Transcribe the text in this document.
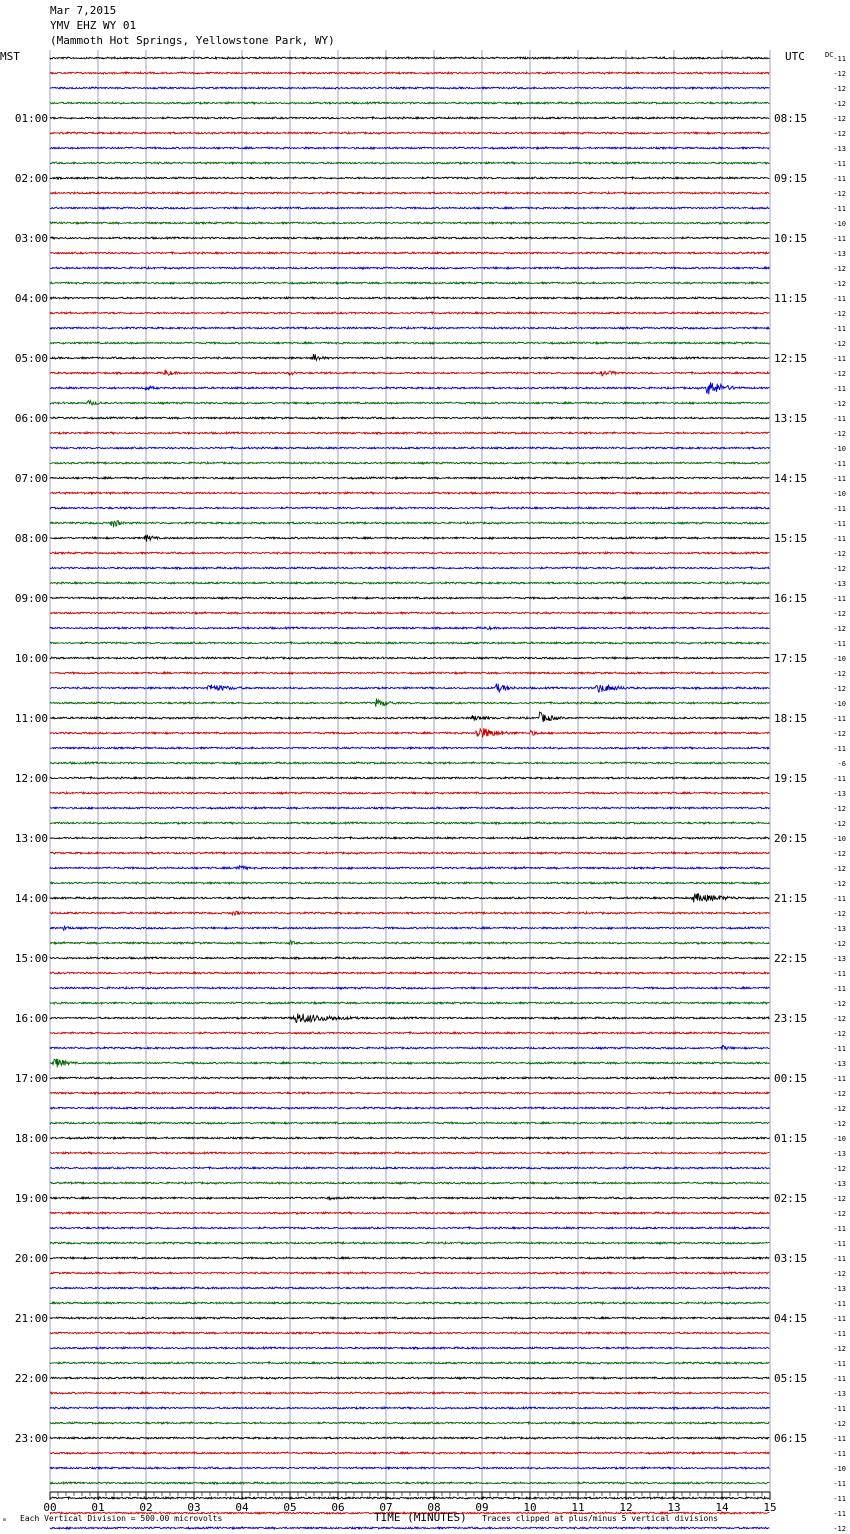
Mar 7,2015
YMV EHZ WY 01
(Mammoth Hot Springs, Yellowstone Park, WY)
00	01	02	03	04	05	06	07	08	09	10	11	12	13	14	15
MST	UTC	DC
01:00
02:00
03:00
04:00
05:00
06:00
07:00
08:00
09:00
10:00
11:00
12:00
13:00
14:00
15:00
16:00
17:00
18:00
19:00
20:00
21:00
22:00
23:00
08:15
09:15
10:15
11:15
12:15
13:15
14:15
15:15
16:15
17:15
18:15
19:15
20:15
21:15
22:15
23:15
00:15
01:15
02:15
03:15
04:15
05:15
06:15
-11
-12
-12
-12
-12
-12
-13
-11
-11
-12
-11
-10
-11
-13
-12
-12
-11
-12
-11
-12
-11
-12
-11
-12
-11
-12
-10
-11
-11
-10
-11
-11
-11
-12
-12
-13
-11
-12
-12
-11
-10
-12
-12
-10
-11
-12
-11
-6
-11
-13
-12
-12
-10
-12
-12
-12
-11
-12
-13
-12
-13
-11
-11
-12
-12
-12
-11
-13
-11
-12
-12
-12
-10
-13
-12
-13
-12
-12
-11
-11
-11
-12
-13
-11
-11
-11
-12
-11
-11
-13
-11
-12
-11
-11
-10
-11
-11
-11
-12
ₘ Each Vertical Division = 500.00 microvolts	TIME (MINUTES) Traces clipped at plus/minus 5 vertical divisions
